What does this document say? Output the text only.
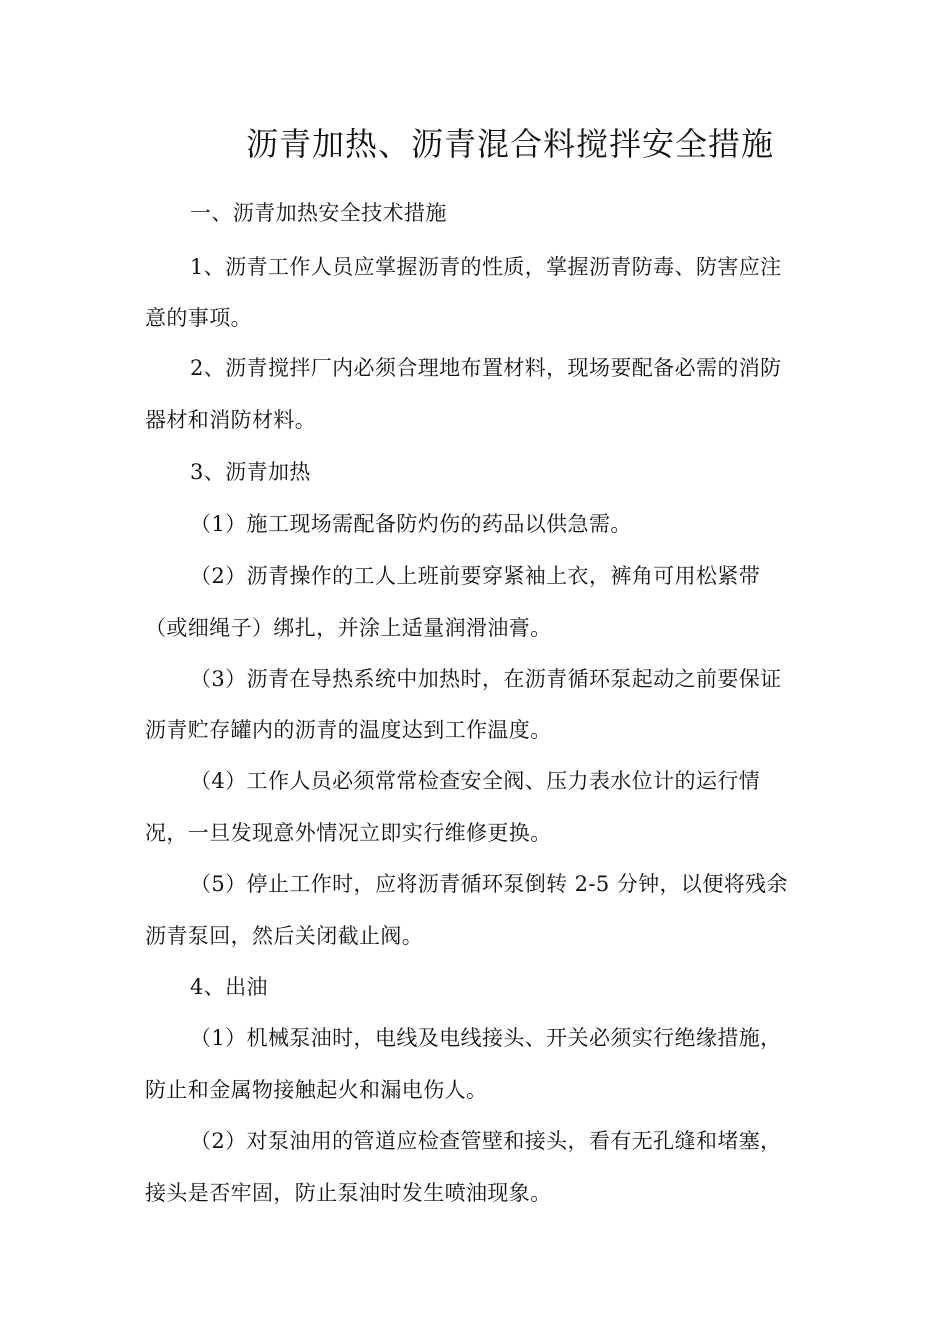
沥青加热、沥青混合料搅拌安全措施
一、沥青加热安全技术措施
1、沥青工作人员应掌握沥青的性质，掌握沥青防毒、防害应注
意的事项。
2、沥青搅拌厂内必须合理地布置材料，现场要配备必需的消防
器材和消防材料。
3、沥青加热
（1）施工现场需配备防灼伤的药品以供急需。
（2）沥青操作的工人上班前要穿紧袖上衣，裤角可用松紧带
（或细绳子）绑扎，并涂上适量润滑油膏。
（3）沥青在导热系统中加热时，在沥青循环泵起动之前要保证
沥青贮存罐内的沥青的温度达到工作温度。
（4）工作人员必须常常检查安全阀、压力表水位计的运行情
况，一旦发现意外情况立即实行维修更换。
（5）停止工作时，应将沥青循环泵倒转 2-5 分钟，以便将残余
沥青泵回，然后关闭截止阀。
4、出油
（1）机械泵油时，电线及电线接头、开关必须实行绝缘措施，
防止和金属物接触起火和漏电伤人。
（2）对泵油用的管道应检查管壁和接头，看有无孔缝和堵塞，
接头是否牢固，防止泵油时发生喷油现象。
